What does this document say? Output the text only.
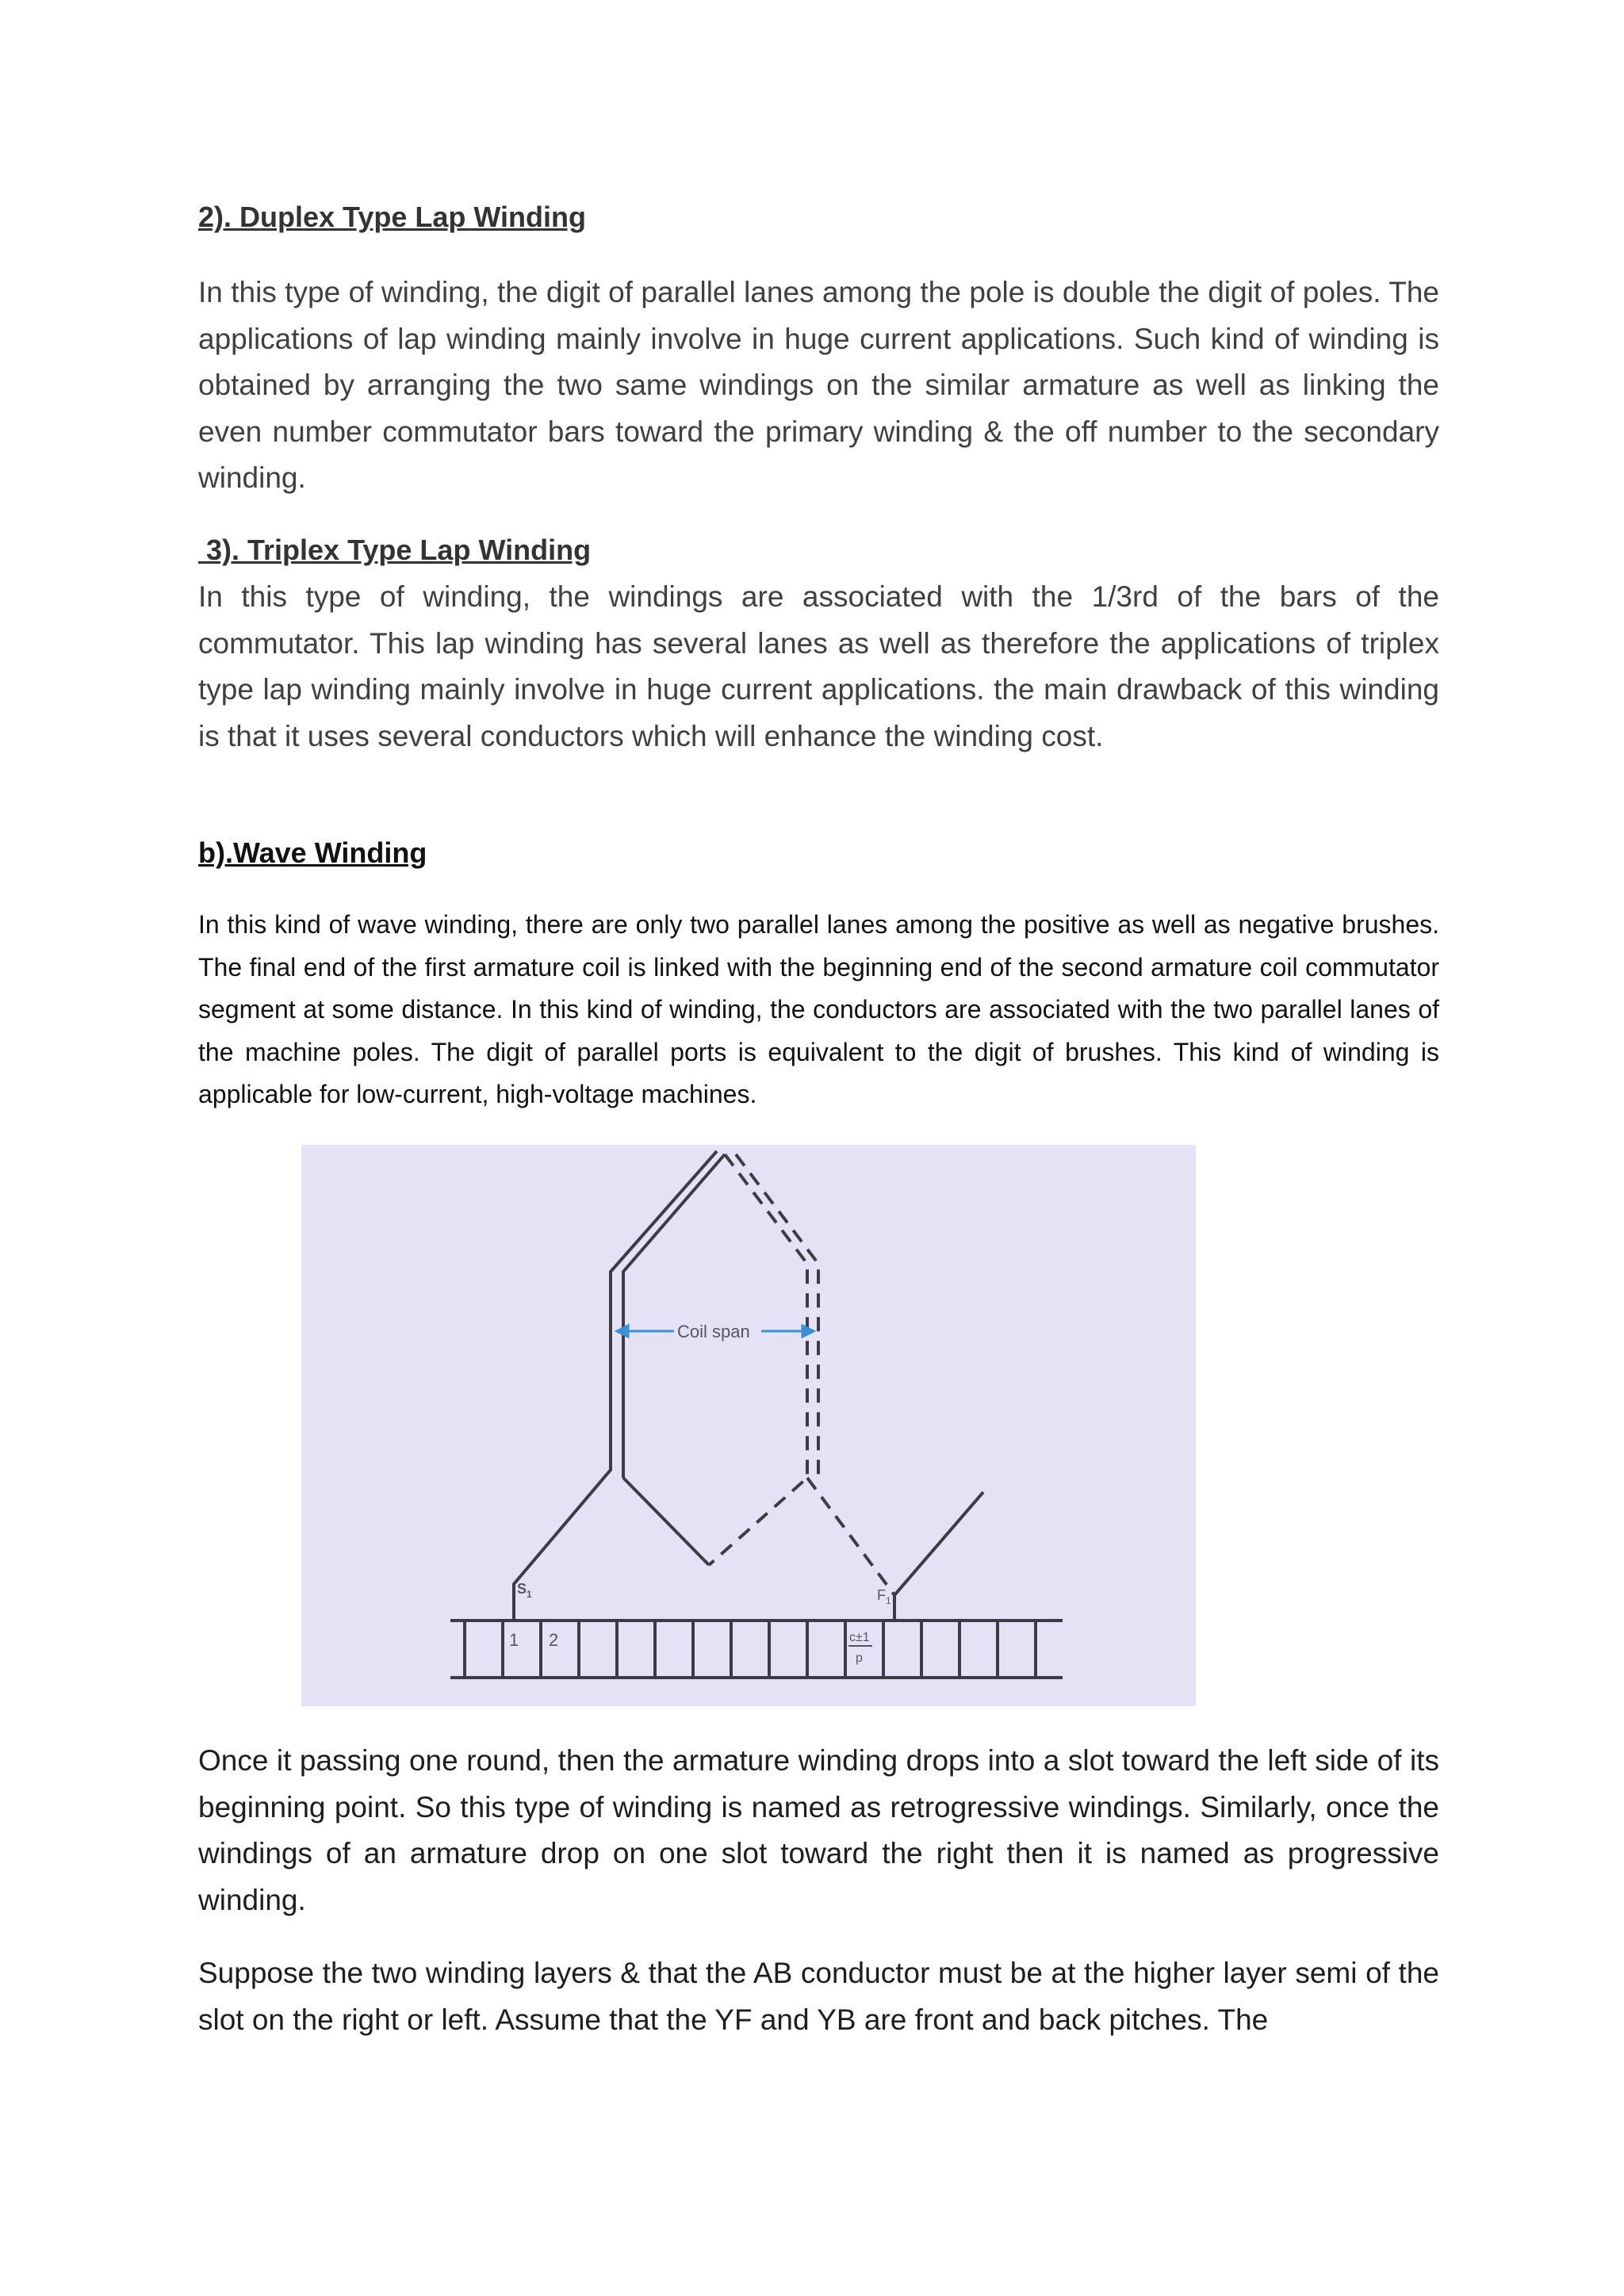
2). Duplex Type Lap Winding

In this type of winding, the digit of parallel lanes among the pole is double the digit of poles. The applications of lap winding mainly involve in huge current applications. Such kind of winding is obtained by arranging the two same windings on the similar armature as well as linking the even number commutator bars toward the primary winding & the off number to the secondary winding.

3). Triplex Type Lap Winding

In this type of winding, the windings are associated with the 1/3rd of the bars of the commutator. This lap winding has several lanes as well as therefore the applications of triplex type lap winding mainly involve in huge current applications. the main drawback of this winding is that it uses several conductors which will enhance the winding cost.

b).Wave Winding

In this kind of wave winding, there are only two parallel lanes among the positive as well as negative brushes. The final end of the first armature coil is linked with the beginning end of the second armature coil commutator segment at some distance. In this kind of winding, the conductors are associated with the two parallel lanes of the machine poles. The digit of parallel ports is equivalent to the digit of brushes. This kind of winding is applicable for low-current, high-voltage machines.

Coil span
$S_1$	$F_1$
1 2	c±1
p

Once it passing one round, then the armature winding drops into a slot toward the left side of its beginning point. So this type of winding is named as retrogressive windings. Similarly, once the windings of an armature drop on one slot toward the right then it is named as progressive winding.

Suppose the two winding layers & that the AB conductor must be at the higher layer semi of the slot on the right or left. Assume that the YF and YB are front and back pitches. The
